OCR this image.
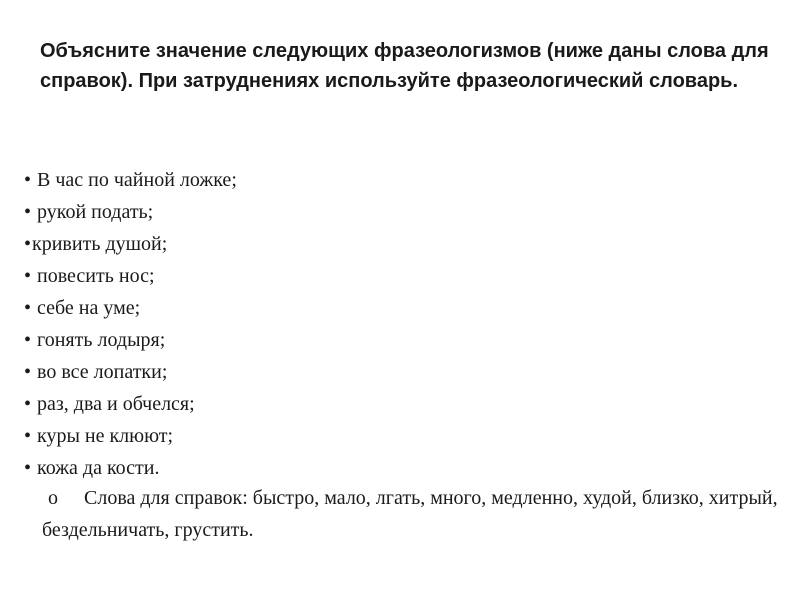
Объясните значение следующих фразеологизмов (ниже даны слова для справок). При затруднениях используйте фразеологический словарь.

• В час по чайной ложке;
• рукой подать;
•кривить душой;
• повесить нос;
• себе на уме;
• гонять лодыря;
• во все лопатки;
• раз, два и обчелся;
• куры не клюют;
• кожа да кости.

o Слова для справок: быстро, мало, лгать, много, медленно, худой, близко, хитрый, бездельничать, грустить.
